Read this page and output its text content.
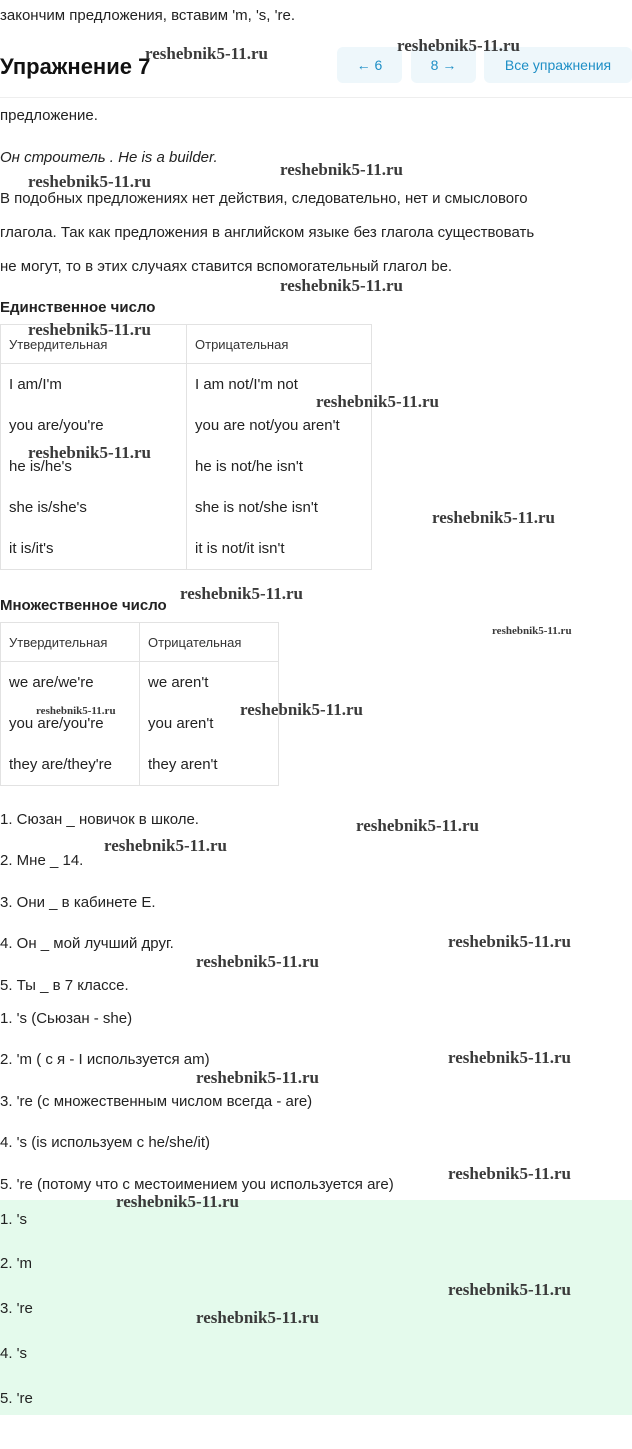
закончим предложения, вставим 'm, 's, 're.
Упражнение 7	← 6	8 →	Все упражнения
предложение.
Он строитель . He is a builder.
В подобных предложениях нет действия, следовательно, нет и смыслового
глагола. Так как предложения в английском языке без глагола существовать
не могут, то в этих случаях ставится вспомогательный глагол be.
Единственное число
Утвердительная	Отрицательная
I am/I'm	I am not/I'm not
you are/you're	you are not/you aren't
he is/he's	he is not/he isn't
she is/she's	she is not/she isn't
it is/it's	it is not/it isn't
Множественное число
Утвердительная	Отрицательная
we are/we're	we aren't
you are/you're	you aren't
they are/they're	they aren't
1. Сюзан _ новичок в школе.
2. Мне _ 14.
3. Они _ в кабинете E.
4. Он _ мой лучший друг.
5. Ты _ в 7 классе.
1. 's (Сьюзан - she)
2. 'm ( с я - I используется am)
3. 're (с множественным числом всегда - are)
4. 's (is используем с he/she/it)
5. 're (потому что с местоимением you используется are)
1. 's
2. 'm
3. 're
4. 's
5. 're
reshebnik5-11.ru	reshebnik5-11.ru
reshebnik5-11.ru
reshebnik5-11.ru
reshebnik5-11.ru
reshebnik5-11.ru
reshebnik5-11.ru
reshebnik5-11.ru
reshebnik5-11.ru
reshebnik5-11.ru
reshebnik5-11.ru
reshebnik5-11.ru	reshebnik5-11.ru
reshebnik5-11.ru
reshebnik5-11.ru
reshebnik5-11.ru
reshebnik5-11.ru
reshebnik5-11.ru
reshebnik5-11.ru
reshebnik5-11.ru
reshebnik5-11.ru
reshebnik5-11.ru
reshebnik5-11.ru
